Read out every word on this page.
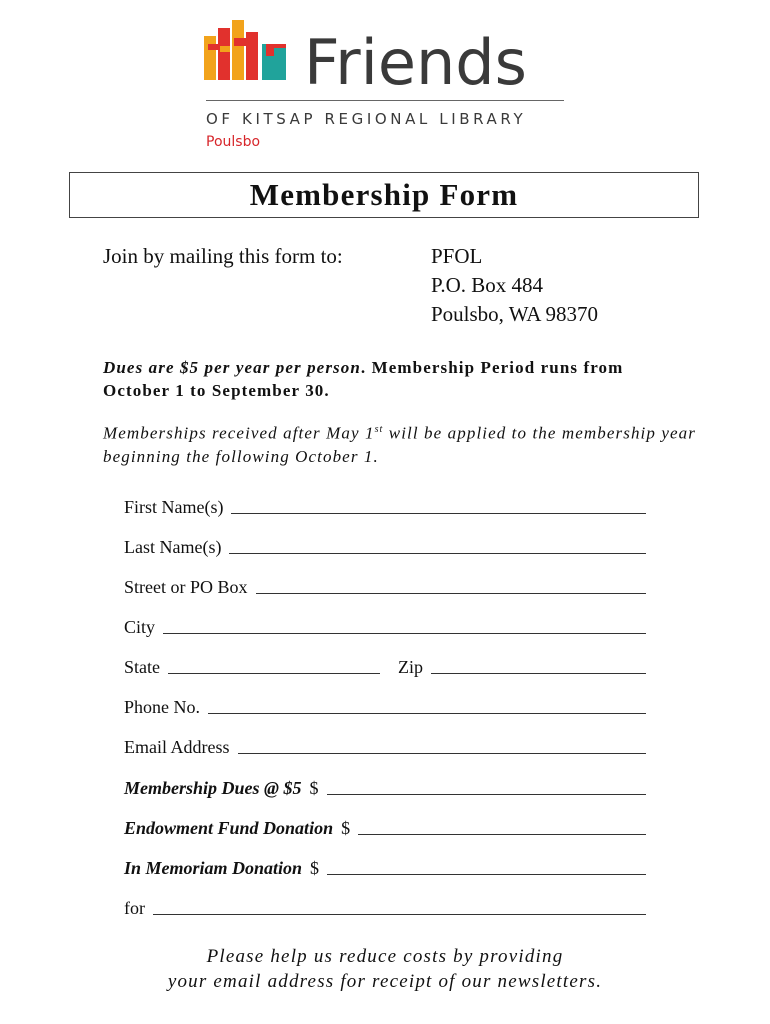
Friends
OF KITSAP REGIONAL LIBRARY
Poulsbo
Membership Form
Join by mailing this form to:	PFOL
P.O. Box 484
Poulsbo, WA 98370
Dues are $5 per year per person. Membership Period runs from October 1 to September 30.
Memberships received after May 1st will be applied to the membership year beginning the following October 1.
First Name(s)
Last Name(s)
Street or PO Box
City
State	Zip
Phone No.
Email Address
Membership Dues @ $5 $
Endowment Fund Donation $
In Memoriam Donation $
for
Please help us reduce costs by providing
your email address for receipt of our newsletters.
